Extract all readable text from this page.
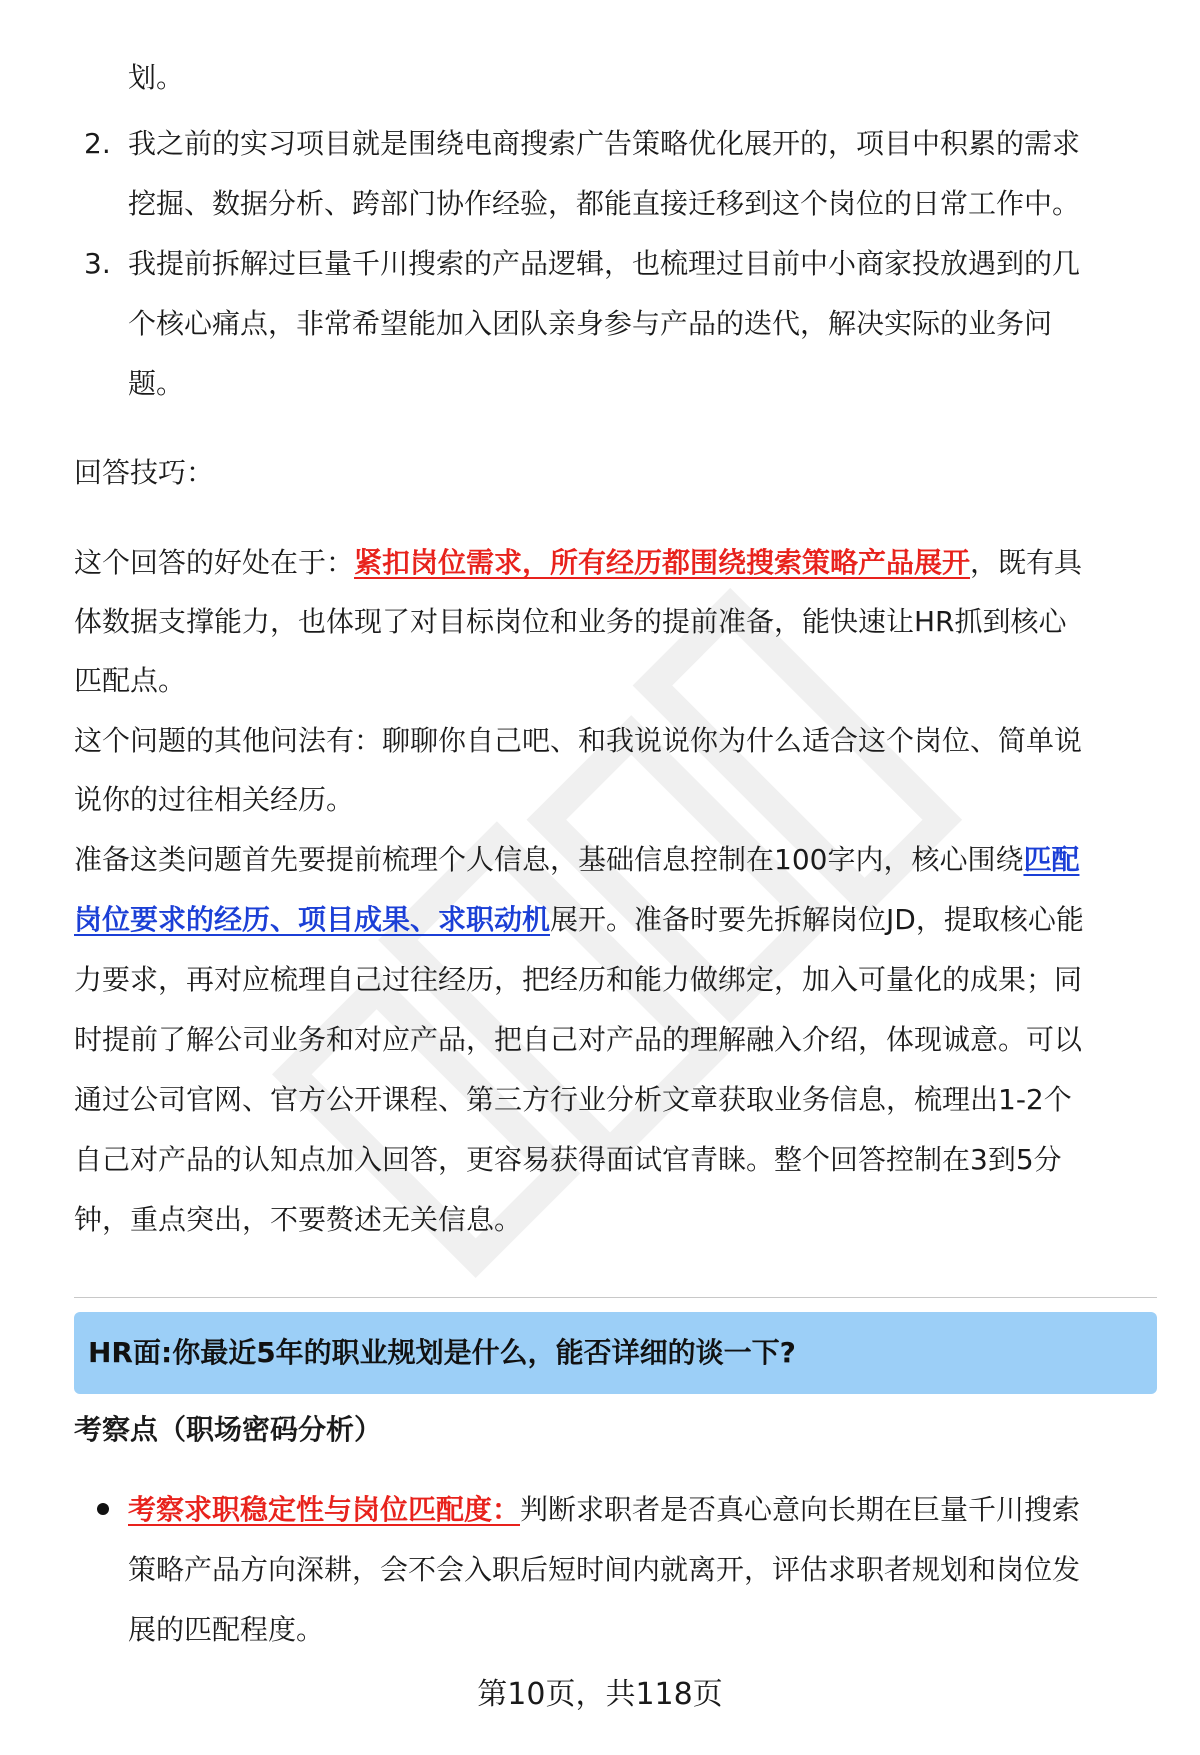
划。

2. 我之前的实习项目就是围绕电商搜索广告策略优化展开的，项目中积累的需求

挖掘、数据分析、跨部门协作经验，都能直接迁移到这个岗位的日常工作中。

3. 我提前拆解过巨量千川搜索的产品逻辑，也梳理过目前中小商家投放遇到的几

个核心痛点，非常希望能加入团队亲身参与产品的迭代，解决实际的业务问

题。

回答技巧：

这个回答的好处在于：紧扣岗位需求，所有经历都围绕搜索策略产品展开，既有具

体数据支撑能力，也体现了对目标岗位和业务的提前准备，能快速让HR抓到核心

匹配点。

这个问题的其他问法有：聊聊你自己吧、和我说说你为什么适合这个岗位、简单说

说你的过往相关经历。

准备这类问题首先要提前梳理个人信息，基础信息控制在100字内，核心围绕匹配

岗位要求的经历、项目成果、求职动机展开。准备时要先拆解岗位JD，提取核心能

力要求，再对应梳理自己过往经历，把经历和能力做绑定，加入可量化的成果；同

时提前了解公司业务和对应产品，把自己对产品的理解融入介绍，体现诚意。可以

通过公司官网、官方公开课程、第三方行业分析文章获取业务信息，梳理出1-2个

自己对产品的认知点加入回答，更容易获得面试官青睐。整个回答控制在3到5分

钟，重点突出，不要赘述无关信息。

HR面:你最近5年的职业规划是什么，能否详细的谈一下?
考察点（职场密码分析）

考察求职稳定性与岗位匹配度：判断求职者是否真心意向长期在巨量千川搜索

策略产品方向深耕，会不会入职后短时间内就离开，评估求职者规划和岗位发

展的匹配程度。

第10页，共118页
